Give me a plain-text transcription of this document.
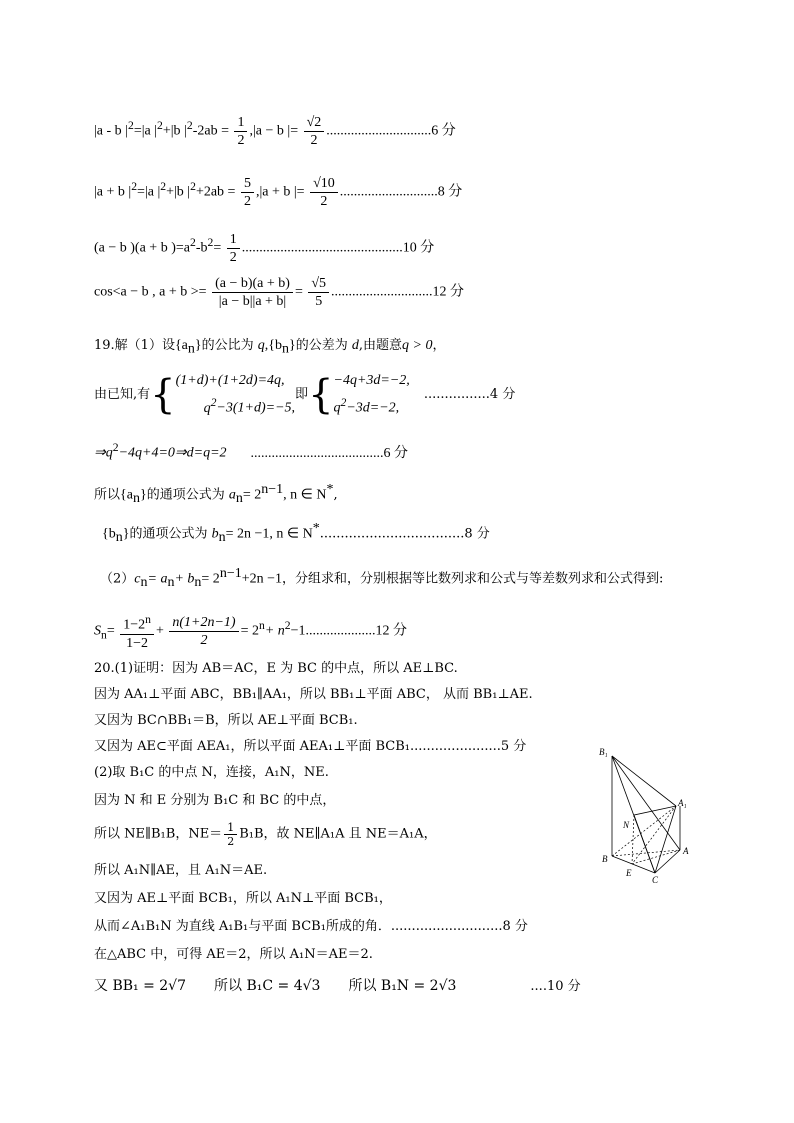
|a - b $|^2=|a$ $|^2+|b$ $|^2-2ab = \frac{1}{2} ,|a - b$ |= $\frac{√2}{2} ..............................6$ 分
|a + b $|^2=|a$ $|^2+|b$ $|^2+2ab = \frac{5}{2} ,|a + b$ |= $\frac{√10}{2} ............................8$ 分
(a − b )(a + b )$=a^2-b^2= \frac{1}{2} ..............................................10$ 分
cos<a − b , $a + b >= \frac{(a - b)(a + b)}{|a - b||a + b|} = \frac{√5}{5} .............................12$ 分
19.解（1）设$\{a_n\}$的公比为 $q,\{b_n\}$的公差为 d,由题意q > 0，
由已知,有{(1+d)+(1+2d)=4q,
$q^2-3(1+d)=-5$,即{−4q+3d=−2,
$q^2-3d=-2,................4$ 分
$\Rightarrow q^2-4q+4=0\Rightarrow d=q=2$ ......................................6 分
所以$\{a_n\}$的通项公式为 $a_n= 2^{n-1}$, n ∈ N*,
$\{b_n\}$的通项公式为 $b_n= 2n -1$, n ∈ N*...................................8 分
$(2)c_n= a_n+ b_n= 2^{n-1}+2n -1$，分组求和，分别根据等比数列求和公式与等差数列求和公式得到:
$S_n= \frac{1-2^n}{1-2} + \frac{n(1+2n-1)}{2} = 2^n+ n^2-1....................12$ 分
20.(1)证明：因为 AB＝AC，E 为 BC 的中点，所以 AE⊥BC.
因为 AA₁⊥平面 ABC，BB₁∥AA₁，所以 BB₁⊥平面 ABC， 从而 BB₁⊥AE.
又因为 BC∩BB₁＝B，所以 AE⊥平面 BCB₁.
又因为 AE⊂平面 AEA₁，所以平面 AEA₁⊥平面 BCB₁......................5 分
(2)取 B₁C 的中点 N，连接，A₁N，NE.
因为 N 和 E 分别为 B₁C 和 BC 的中点，
所以 NE∥B₁B，$NE= \frac{1}{2} B_1B$，故 NE∥A₁A 且 NE＝A₁A，
所以 A₁N∥AE，且 A₁N＝AE.
又因为 AE⊥平面 BCB₁，所以 A₁N⊥平面 BCB₁，
从而∠A₁B₁N 为直线 A₁B₁与平面 BCB₁所成的角．...........................8 分
在△ABC 中，可得 AE＝2，所以 A₁N＝AE＝2.
又 BB₁ = 2√7 所以 B₁C = 4√3 所以 B₁N = 2√3	....10 分
B₁
A₁
N
B
A
E
C
